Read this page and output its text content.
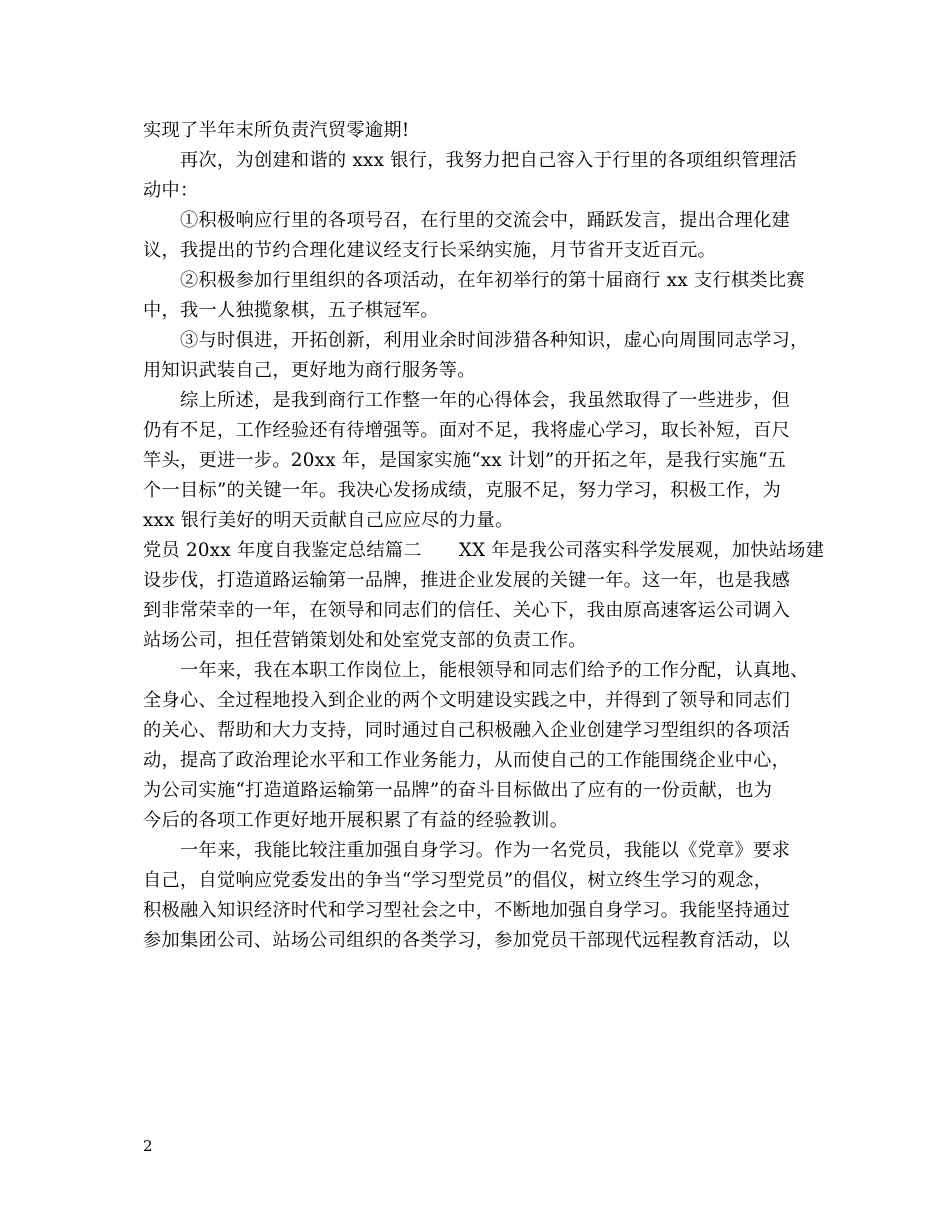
实现了半年末所负责汽贸零逾期!
再次，为创建和谐的 xxx 银行，我努力把自己容入于行里的各项组织管理活
动中：
①积极响应行里的各项号召，在行里的交流会中，踊跃发言，提出合理化建
议，我提出的节约合理化建议经支行长采纳实施，月节省开支近百元。
②积极参加行里组织的各项活动，在年初举行的第十届商行 xx 支行棋类比赛
中，我一人独揽象棋，五子棋冠军。
③与时俱进，开拓创新，利用业余时间涉猎各种知识，虚心向周围同志学习，
用知识武装自己，更好地为商行服务等。
综上所述，是我到商行工作整一年的心得体会，我虽然取得了一些进步，但
仍有不足，工作经验还有待增强等。面对不足，我将虚心学习，取长补短，百尺
竿头，更进一步。20xx 年，是国家实施“xx 计划”的开拓之年，是我行实施“五
个一目标”的关键一年。我决心发扬成绩，克服不足，努力学习，积极工作，为
xxx 银行美好的明天贡献自己应应尽的力量。
党员 20xx 年度自我鉴定总结篇二　　XX 年是我公司落实科学发展观，加快站场建
设步伐，打造道路运输第一品牌，推进企业发展的关键一年。这一年，也是我感
到非常荣幸的一年，在领导和同志们的信任、关心下，我由原高速客运公司调入
站场公司，担任营销策划处和处室党支部的负责工作。
一年来，我在本职工作岗位上，能根领导和同志们给予的工作分配，认真地、
全身心、全过程地投入到企业的两个文明建设实践之中，并得到了领导和同志们
的关心、帮助和大力支持，同时通过自己积极融入企业创建学习型组织的各项活
动，提高了政治理论水平和工作业务能力，从而使自己的工作能围绕企业中心，
为公司实施“打造道路运输第一品牌”的奋斗目标做出了应有的一份贡献，也为
今后的各项工作更好地开展积累了有益的经验教训。
一年来，我能比较注重加强自身学习。作为一名党员，我能以《党章》要求
自己，自觉响应党委发出的争当“学习型党员”的倡仪，树立终生学习的观念，
积极融入知识经济时代和学习型社会之中，不断地加强自身学习。我能坚持通过
参加集团公司、站场公司组织的各类学习，参加党员干部现代远程教育活动，以
2
